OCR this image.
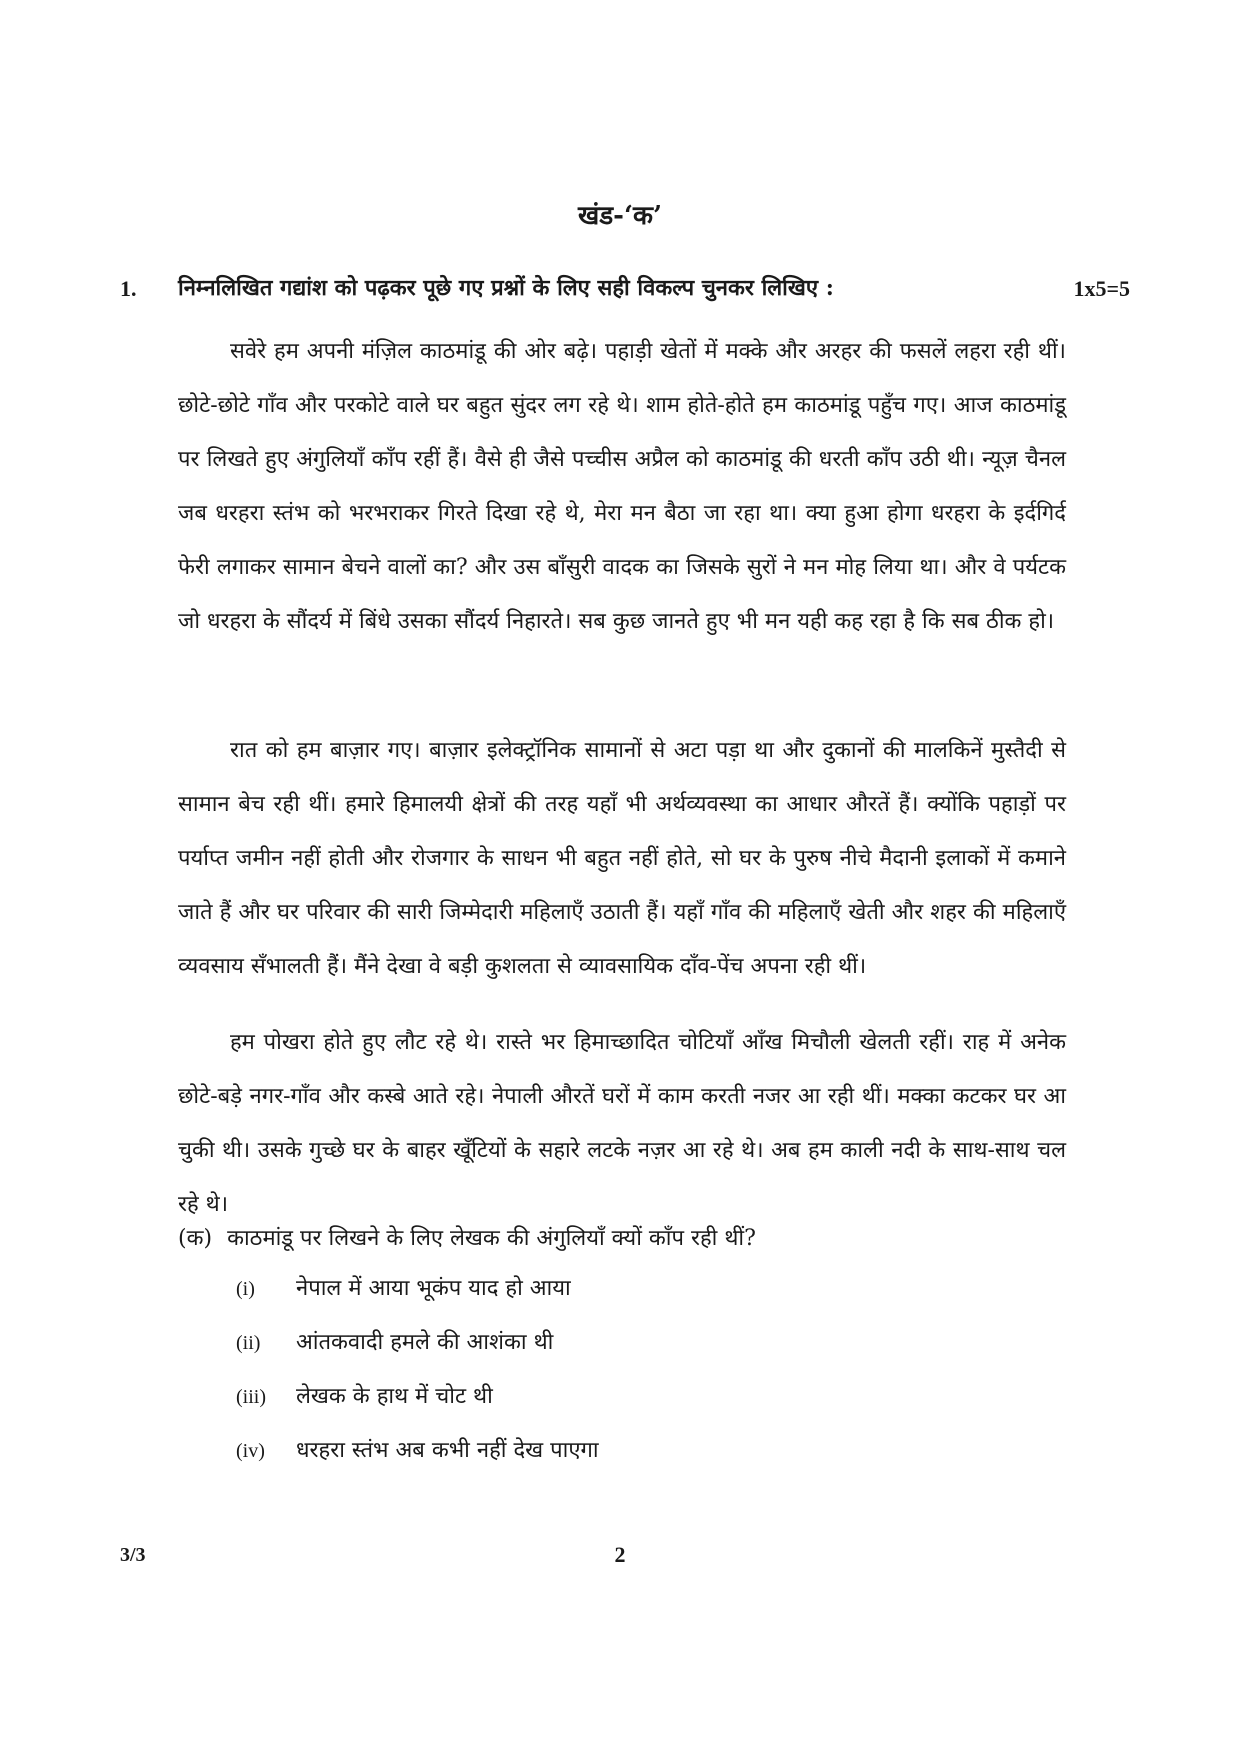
खंड-‘क’
1. निम्नलिखित गद्यांश को पढ़कर पूछे गए प्रश्नों के लिए सही विकल्प चुनकर लिखिए :	1x5=5

सवेरे हम अपनी मंज़िल काठमांडू की ओर बढ़े। पहाड़ी खेतों में मक्के और अरहर की फसलें लहरा रही थीं। छोटे-छोटे गाँव और परकोटे वाले घर बहुत सुंदर लग रहे थे। शाम होते-होते हम काठमांडू पहुँच गए। आज काठमांडू पर लिखते हुए अंगुलियाँ काँप रहीं हैं। वैसे ही जैसे पच्चीस अप्रैल को काठमांडू की धरती काँप उठी थी। न्यूज़ चैनल जब धरहरा स्तंभ को भरभराकर गिरते दिखा रहे थे, मेरा मन बैठा जा रहा था। क्या हुआ होगा धरहरा के इर्दगिर्द फेरी लगाकर सामान बेचने वालों का? और उस बाँसुरी वादक का जिसके सुरों ने मन मोह लिया था। और वे पर्यटक जो धरहरा के सौंदर्य में बिंधे उसका सौंदर्य निहारते। सब कुछ जानते हुए भी मन यही कह रहा है कि सब ठीक हो।

रात को हम बाज़ार गए। बाज़ार इलेक्ट्रॉनिक सामानों से अटा पड़ा था और दुकानों की मालकिनें मुस्तैदी से सामान बेच रही थीं। हमारे हिमालयी क्षेत्रों की तरह यहाँ भी अर्थव्यवस्था का आधार औरतें हैं। क्योंकि पहाड़ों पर पर्याप्त जमीन नहीं होती और रोजगार के साधन भी बहुत नहीं होते, सो घर के पुरुष नीचे मैदानी इलाकों में कमाने जाते हैं और घर परिवार की सारी जिम्मेदारी महिलाएँ उठाती हैं। यहाँ गाँव की महिलाएँ खेती और शहर की महिलाएँ व्यवसाय सँभालती हैं। मैंने देखा वे बड़ी कुशलता से व्यावसायिक दाँव-पेंच अपना रही थीं।

हम पोखरा होते हुए लौट रहे थे। रास्ते भर हिमाच्छादित चोटियाँ आँख मिचौली खेलती रहीं। राह में अनेक छोटे-बड़े नगर-गाँव और कस्बे आते रहे। नेपाली औरतें घरों में काम करती नजर आ रही थीं। मक्का कटकर घर आ चुकी थी। उसके गुच्छे घर के बाहर खूँटियों के सहारे लटके नज़र आ रहे थे। अब हम काली नदी के साथ-साथ चल रहे थे।

(क) काठमांडू पर लिखने के लिए लेखक की अंगुलियाँ क्यों काँप रही थीं?
(i) नेपाल में आया भूकंप याद हो आया
(ii) आंतकवादी हमले की आशंका थी
(iii) लेखक के हाथ में चोट थी
(iv) धरहरा स्तंभ अब कभी नहीं देख पाएगा
3/3	2
